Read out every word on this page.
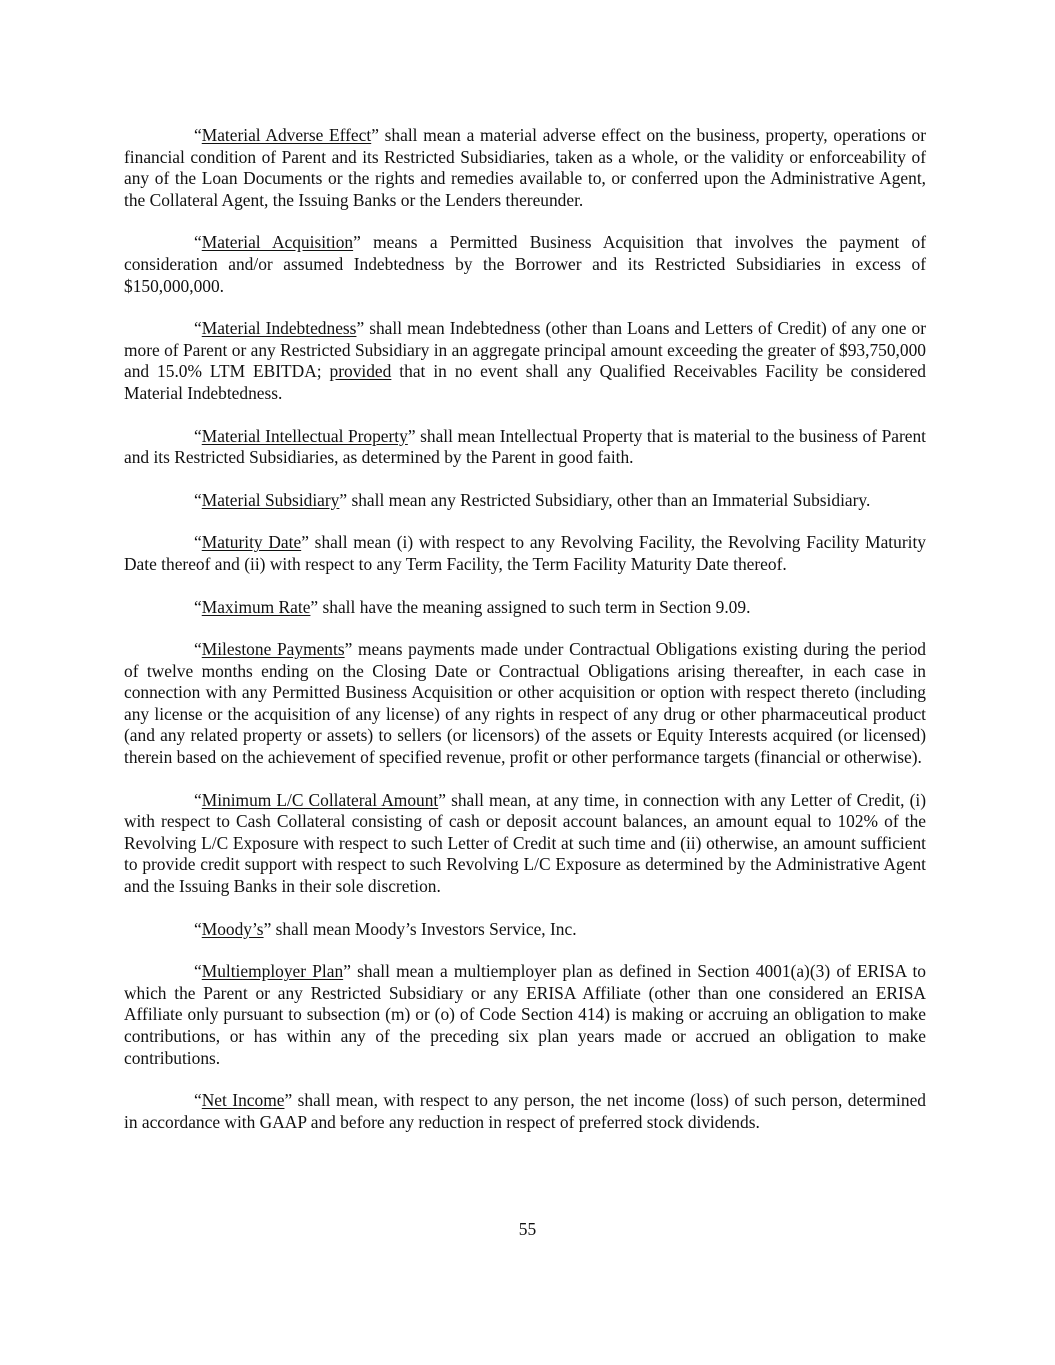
“Material Adverse Effect” shall mean a material adverse effect on the business, property, operations or financial condition of Parent and its Restricted Subsidiaries, taken as a whole, or the validity or enforceability of any of the Loan Documents or the rights and remedies available to, or conferred upon the Administrative Agent, the Collateral Agent, the Issuing Banks or the Lenders thereunder.

“Material Acquisition” means a Permitted Business Acquisition that involves the payment of consideration and/or assumed Indebtedness by the Borrower and its Restricted Subsidiaries in excess of $150,000,000.

“Material Indebtedness” shall mean Indebtedness (other than Loans and Letters of Credit) of any one or more of Parent or any Restricted Subsidiary in an aggregate principal amount exceeding the greater of $93,750,000 and 15.0% LTM EBITDA; provided that in no event shall any Qualified Receivables Facility be considered Material Indebtedness.

“Material Intellectual Property” shall mean Intellectual Property that is material to the business of Parent and its Restricted Subsidiaries, as determined by the Parent in good faith.

“Material Subsidiary” shall mean any Restricted Subsidiary, other than an Immaterial Subsidiary.

“Maturity Date” shall mean (i) with respect to any Revolving Facility, the Revolving Facility Maturity Date thereof and (ii) with respect to any Term Facility, the Term Facility Maturity Date thereof.

“Maximum Rate” shall have the meaning assigned to such term in Section 9.09.

“Milestone Payments” means payments made under Contractual Obligations existing during the period of twelve months ending on the Closing Date or Contractual Obligations arising thereafter, in each case in connection with any Permitted Business Acquisition or other acquisition or option with respect thereto (including any license or the acquisition of any license) of any rights in respect of any drug or other pharmaceutical product (and any related property or assets) to sellers (or licensors) of the assets or Equity Interests acquired (or licensed) therein based on the achievement of specified revenue, profit or other performance targets (financial or otherwise).

“Minimum L/C Collateral Amount” shall mean, at any time, in connection with any Letter of Credit, (i) with respect to Cash Collateral consisting of cash or deposit account balances, an amount equal to 102% of the Revolving L/C Exposure with respect to such Letter of Credit at such time and (ii) otherwise, an amount sufficient to provide credit support with respect to such Revolving L/C Exposure as determined by the Administrative Agent and the Issuing Banks in their sole discretion.

“Moody’s” shall mean Moody’s Investors Service, Inc.

“Multiemployer Plan” shall mean a multiemployer plan as defined in Section 4001(a)(3) of ERISA to which the Parent or any Restricted Subsidiary or any ERISA Affiliate (other than one considered an ERISA Affiliate only pursuant to subsection (m) or (o) of Code Section 414) is making or accruing an obligation to make contributions, or has within any of the preceding six plan years made or accrued an obligation to make contributions.

“Net Income” shall mean, with respect to any person, the net income (loss) of such person, determined in accordance with GAAP and before any reduction in respect of preferred stock dividends.

55
